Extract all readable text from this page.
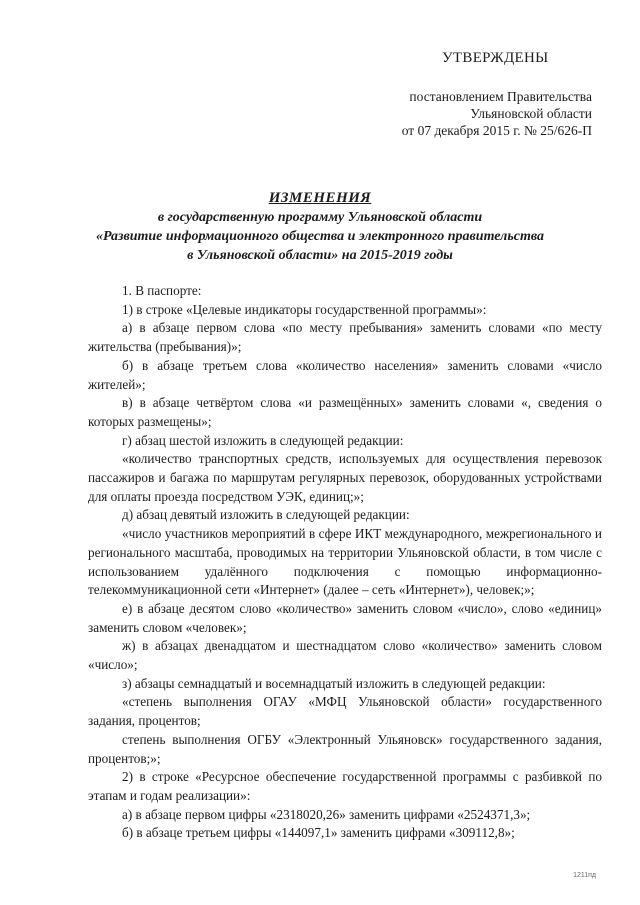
УТВЕРЖДЕНЫ
постановлением Правительства
Ульяновской области
от 07 декабря 2015 г. № 25/626-П
ИЗМЕНЕНИЯ
в государственную программу Ульяновской области
«Развитие информационного общества и электронного правительства
в Ульяновской области» на 2015-2019 годы

1. В паспорте:

1) в строке «Целевые индикаторы государственной программы»:

а) в абзаце первом слова «по месту пребывания» заменить словами «по месту жительства (пребывания)»;

б) в абзаце третьем слова «количество населения» заменить словами «число жителей»;

в) в абзаце четвёртом слова «и размещённых» заменить словами «, сведения о которых размещены»;

г) абзац шестой изложить в следующей редакции:

«количество транспортных средств, используемых для осуществления перевозок пассажиров и багажа по маршрутам регулярных перевозок, оборудованных устройствами для оплаты проезда посредством УЭК, единиц;»;

д) абзац девятый изложить в следующей редакции:

«число участников мероприятий в сфере ИКТ международного, межрегионального и регионального масштаба, проводимых на территории Ульяновской области, в том числе с использованием удалённого подключения с помощью информационно-телекоммуникационной сети «Интернет» (далее – сеть «Интернет»), человек;»;

е) в абзаце десятом слово «количество» заменить словом «число», слово «единиц» заменить словом «человек»;

ж) в абзацах двенадцатом и шестнадцатом слово «количество» заменить словом «число»;

з) абзацы семнадцатый и восемнадцатый изложить в следующей редакции:

«степень выполнения ОГАУ «МФЦ Ульяновской области» государственного задания, процентов;

степень выполнения ОГБУ «Электронный Ульяновск» государственного задания, процентов;»;

2) в строке «Ресурсное обеспечение государственной программы с разбивкой по этапам и годам реализации»:

а) в абзаце первом цифры «2318020,26» заменить цифрами «2524371,3»;

б) в абзаце третьем цифры «144097,1» заменить цифрами «309112,8»;

1211пд
